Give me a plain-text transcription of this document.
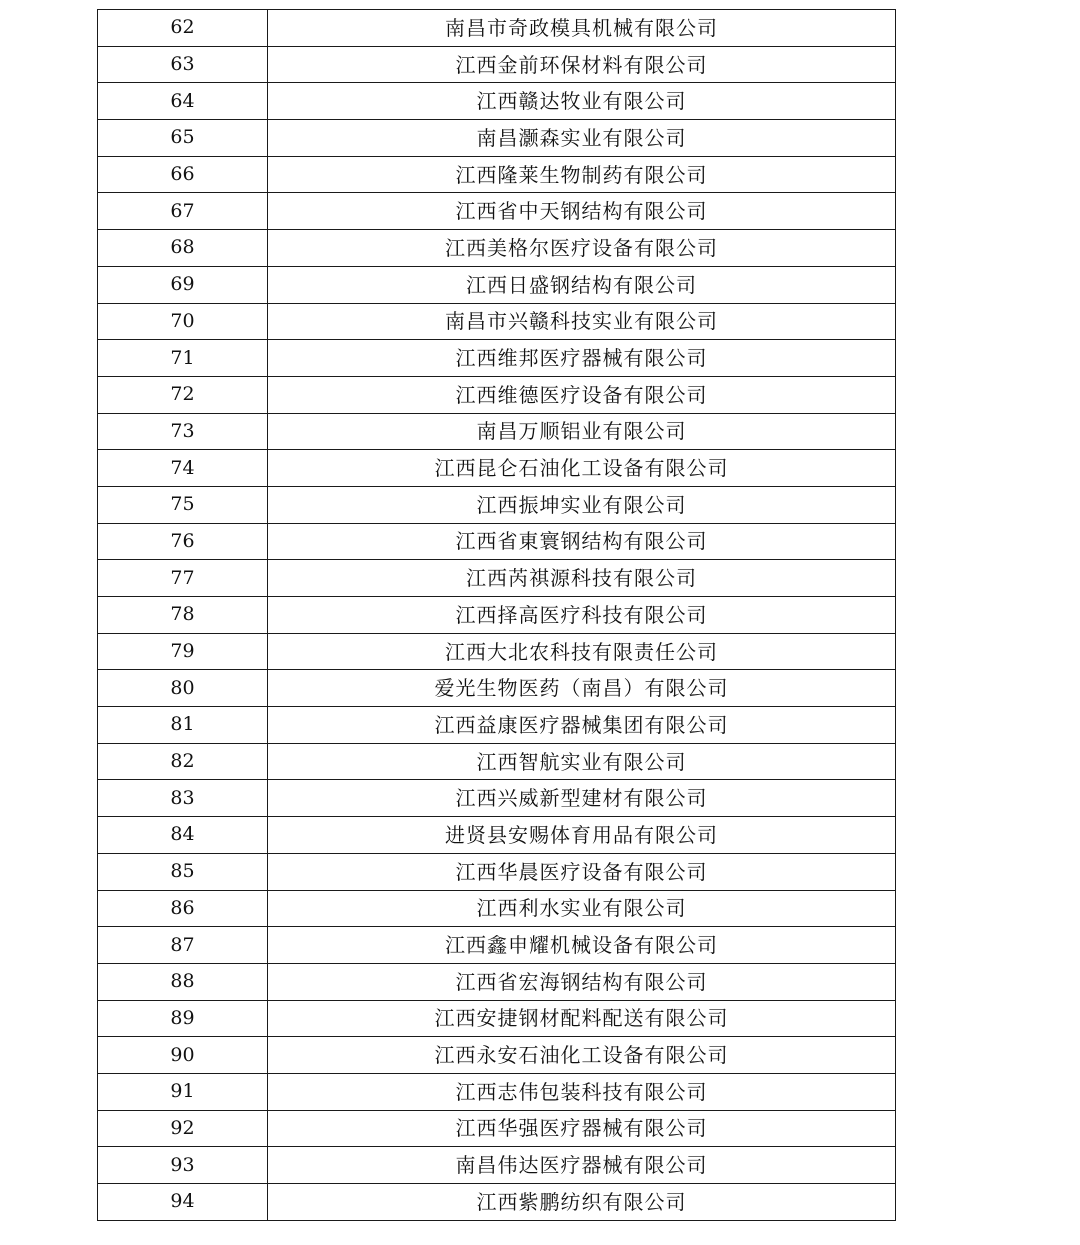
62	南昌市奇政模具机械有限公司
63	江西金前环保材料有限公司
64	江西赣达牧业有限公司
65	南昌灏森实业有限公司
66	江西隆莱生物制药有限公司
67	江西省中天钢结构有限公司
68	江西美格尔医疗设备有限公司
69	江西日盛钢结构有限公司
70	南昌市兴赣科技实业有限公司
71	江西维邦医疗器械有限公司
72	江西维德医疗设备有限公司
73	南昌万顺铝业有限公司
74	江西昆仑石油化工设备有限公司
75	江西振坤实业有限公司
76	江西省東寰钢结构有限公司
77	江西芮祺源科技有限公司
78	江西择高医疗科技有限公司
79	江西大北农科技有限责任公司
80	爱光生物医药（南昌）有限公司
81	江西益康医疗器械集团有限公司
82	江西智航实业有限公司
83	江西兴威新型建材有限公司
84	进贤县安赐体育用品有限公司
85	江西华晨医疗设备有限公司
86	江西利水实业有限公司
87	江西鑫申耀机械设备有限公司
88	江西省宏海钢结构有限公司
89	江西安捷钢材配料配送有限公司
90	江西永安石油化工设备有限公司
91	江西志伟包装科技有限公司
92	江西华强医疗器械有限公司
93	南昌伟达医疗器械有限公司
94	江西紫鹏纺织有限公司
